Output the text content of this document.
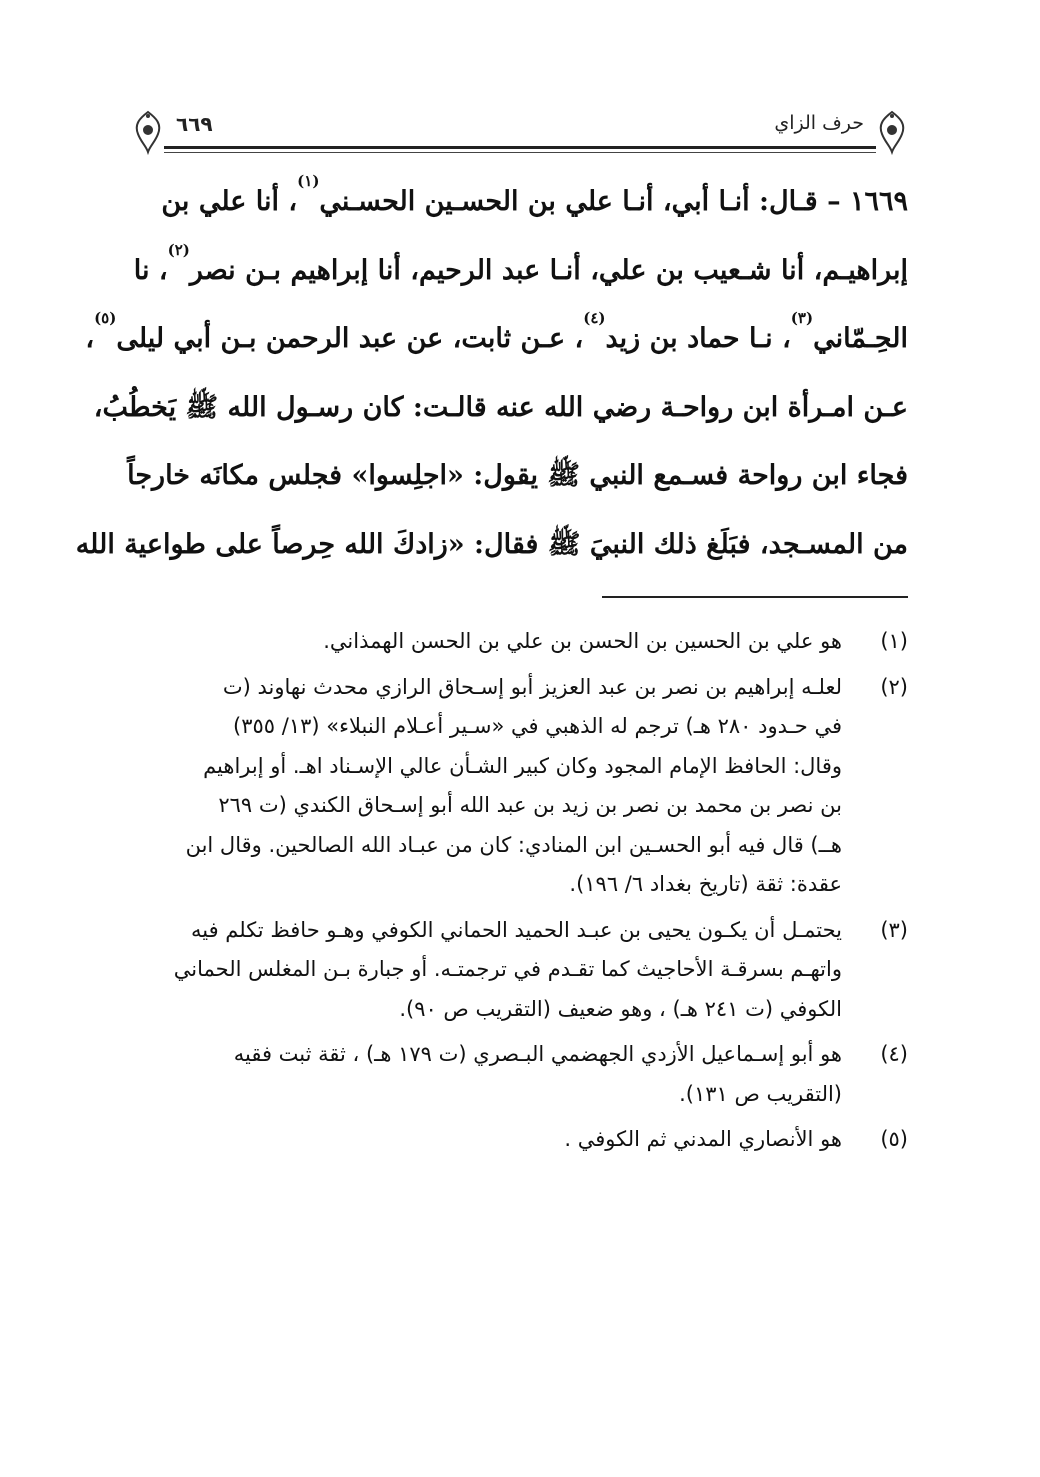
حرف الزاي
٦٦٩
١٦٦٩ – قـال: أنـا أبي، أنـا علي بن الحسـين الحسـني$^{(١)}$، أنا علي بن
إبراهيـم، أنا شـعيب بن علي، أنـا عبد الرحيم، أنا إبراهيم بـن نصر$^{(٢)}$، نا
الحِـمّاني$^{(٣)}$، نـا حماد بن زيد$^{(٤)}$، عـن ثابت، عن عبد الرحمن بـن أبي ليلى$^{(٥)}$،
عـن امـرأة ابن رواحـة رضي الله عنه قالـت: كان رسـول الله ﷺ يَخطُبُ،
فجاء ابن رواحة فسـمع النبي ﷺ يقول: «اجلِسوا» فجلس مكانَه خارجاً
من المسـجد، فبَلَغ ذلك النبيَ ﷺ فقال: «زادكَ الله حِرصاً على طواعية الله
(١)
هو علي بن الحسين بن الحسن بن علي بن الحسن الهمذاني.
(٢)
لعلـه إبراهيم بن نصر بن عبد العزيز أبو إسـحاق الرازي محدث نهاوند (ت
في حـدود ٢٨٠ هـ) ترجم له الذهبي في «سـير أعـلام النبلاء» (١٣/ ٣٥٥)
وقال: الحافظ الإمام المجود وكان كبير الشـأن عالي الإسـناد اهـ. أو إبراهيم
بن نصر بن محمد بن نصر بن زيد بن عبد الله أبو إسـحاق الكندي (ت ٢٦٩
هــ) قال فيه أبو الحسـين ابن المنادي: كان من عبـاد الله الصالحين. وقال ابن
عقدة: ثقة (تاريخ بغداد ٦/ ١٩٦).
(٣)
يحتمـل أن يكـون يحيى بن عبـد الحميد الحماني الكوفي وهـو حافظ تكلم فيه
واتهـم بسرقـة الأحاجيث كما تقـدم في ترجمتـه. أو جبارة بـن المغلس الحماني
الكوفي (ت ٢٤١ هـ) ، وهو ضعيف (التقريب ص ٩٠).
(٤)
هو أبو إسـماعيل الأزدي الجهضمي البـصري (ت ١٧٩ هـ) ، ثقة ثبت فقيه
(التقريب ص ١٣١).
(٥)
هو الأنصاري المدني ثم الكوفي .
